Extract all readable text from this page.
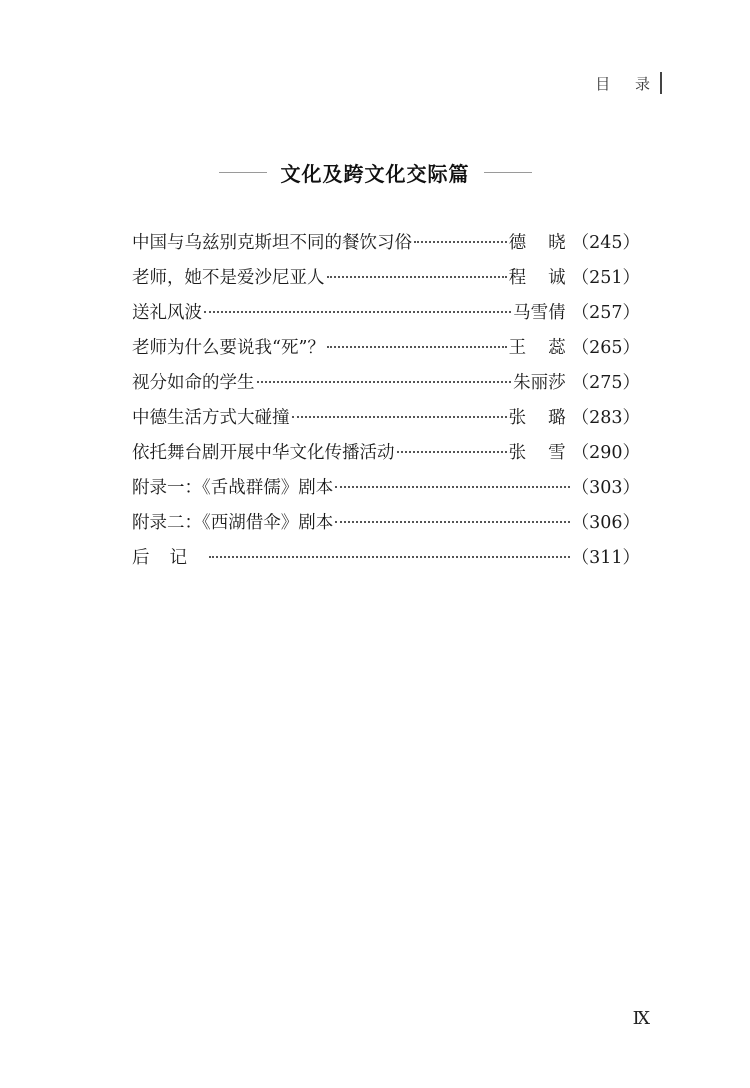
目 录
文化及跨文化交际篇
中国与乌兹别克斯坦不同的餐饮习俗	德 晓 （245）
老师，她不是爱沙尼亚人	程 诚 （251）
送礼风波	马雪倩 （257）
老师为什么要说我“死”？	王 蕊 （265）
视分如命的学生	朱丽莎 （275）
中德生活方式大碰撞	张 璐 （283）
依托舞台剧开展中华文化传播活动	张 雪 （290）
附录一：《舌战群儒》剧本	（303）
附录二：《西湖借伞》剧本	（306）
后记	（311）
Ⅸ
